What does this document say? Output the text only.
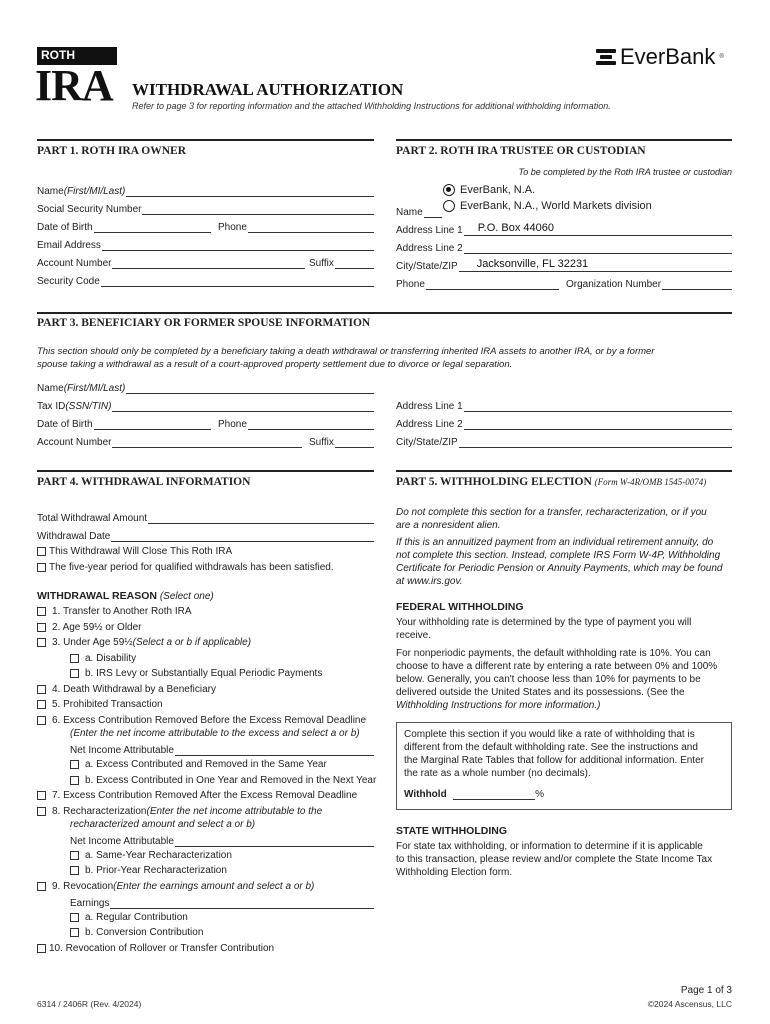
ROTH
IRA WITHDRAWAL AUTHORIZATION
Refer to page 3 for reporting information and the attached Withholding Instructions for additional withholding information.
EverBank ®
PART 1. ROTH IRA OWNER	PART 2. ROTH IRA TRUSTEE OR CUSTODIAN
To be completed by the Roth IRA trustee or custodian
Name (First/MI/Last)
Social Security Number
Date of Birth	Phone
Email Address
Account Number	Suffix
Security Code
EverBank, N.A.
EverBank, N.A., World Markets division
Name
Address Line 1 P.O. Box 44060
Address Line 2
City/State/ZIP Jacksonville, FL 32231
Phone	Organization Number
PART 3. BENEFICIARY OR FORMER SPOUSE INFORMATION
This section should only be completed by a beneficiary taking a death withdrawal or transferring inherited IRA assets to another IRA, or by a former
spouse taking a withdrawal as a result of a court-approved property settlement due to divorce or legal separation.
Name (First/MI/Last)
Tax ID (SSN/TIN)
Date of Birth	Phone
Account Number	Suffix
Address Line 1
Address Line 2
City/State/ZIP
PART 4. WITHDRAWAL INFORMATION	PART 5. WITHHOLDING ELECTION (Form W-4R/OMB 1545-0074)
Total Withdrawal Amount
Withdrawal Date
This Withdrawal Will Close This Roth IRA
The five-year period for qualified withdrawals has been satisfied.
WITHDRAWAL REASON (Select one)
1. Transfer to Another Roth IRA
2. Age 59½ or Older
3. Under Age 59½ (Select a or b if applicable)
a. Disability
b. IRS Levy or Substantially Equal Periodic Payments
4. Death Withdrawal by a Beneficiary
5. Prohibited Transaction
6. Excess Contribution Removed Before the Excess Removal Deadline
(Enter the net income attributable to the excess and select a or b)
Net Income Attributable
a. Excess Contributed and Removed in the Same Year
b. Excess Contributed in One Year and Removed in the Next Year
7. Excess Contribution Removed After the Excess Removal Deadline
8. Recharacterization (Enter the net income attributable to the
recharacterized amount and select a or b)
Net Income Attributable
a. Same-Year Recharacterization
b. Prior-Year Recharacterization
9. Revocation (Enter the earnings amount and select a or b)
Earnings
a. Regular Contribution
b. Conversion Contribution
10. Revocation of Rollover or Transfer Contribution
Do not complete this section for a transfer, recharacterization, or if you
are a nonresident alien.
If this is an annuitized payment from an individual retirement annuity, do
not complete this section. Instead, complete IRS Form W-4P, Withholding
Certificate for Periodic Pension or Annuity Payments, which may be found
at www.irs.gov.
FEDERAL WITHHOLDING
Your withholding rate is determined by the type of payment you will
receive.
For nonperiodic payments, the default withholding rate is 10%. You can
choose to have a different rate by entering a rate between 0% and 100%
below. Generally, you can't choose less than 10% for payments to be
delivered outside the United States and its possessions. (See the
Withholding Instructions for more information.)
Complete this section if you would like a rate of withholding that is
different from the default withholding rate. See the instructions and
the Marginal Rate Tables that follow for additional information. Enter
the rate as a whole number (no decimals).
Withhold	%
STATE WITHHOLDING
For state tax withholding, or information to determine if it is applicable
to this transaction, please review and/or complete the State Income Tax
Withholding Election form.
6314 / 2406R (Rev. 4/2024)
Page 1 of 3
©2024 Ascensus, LLC
